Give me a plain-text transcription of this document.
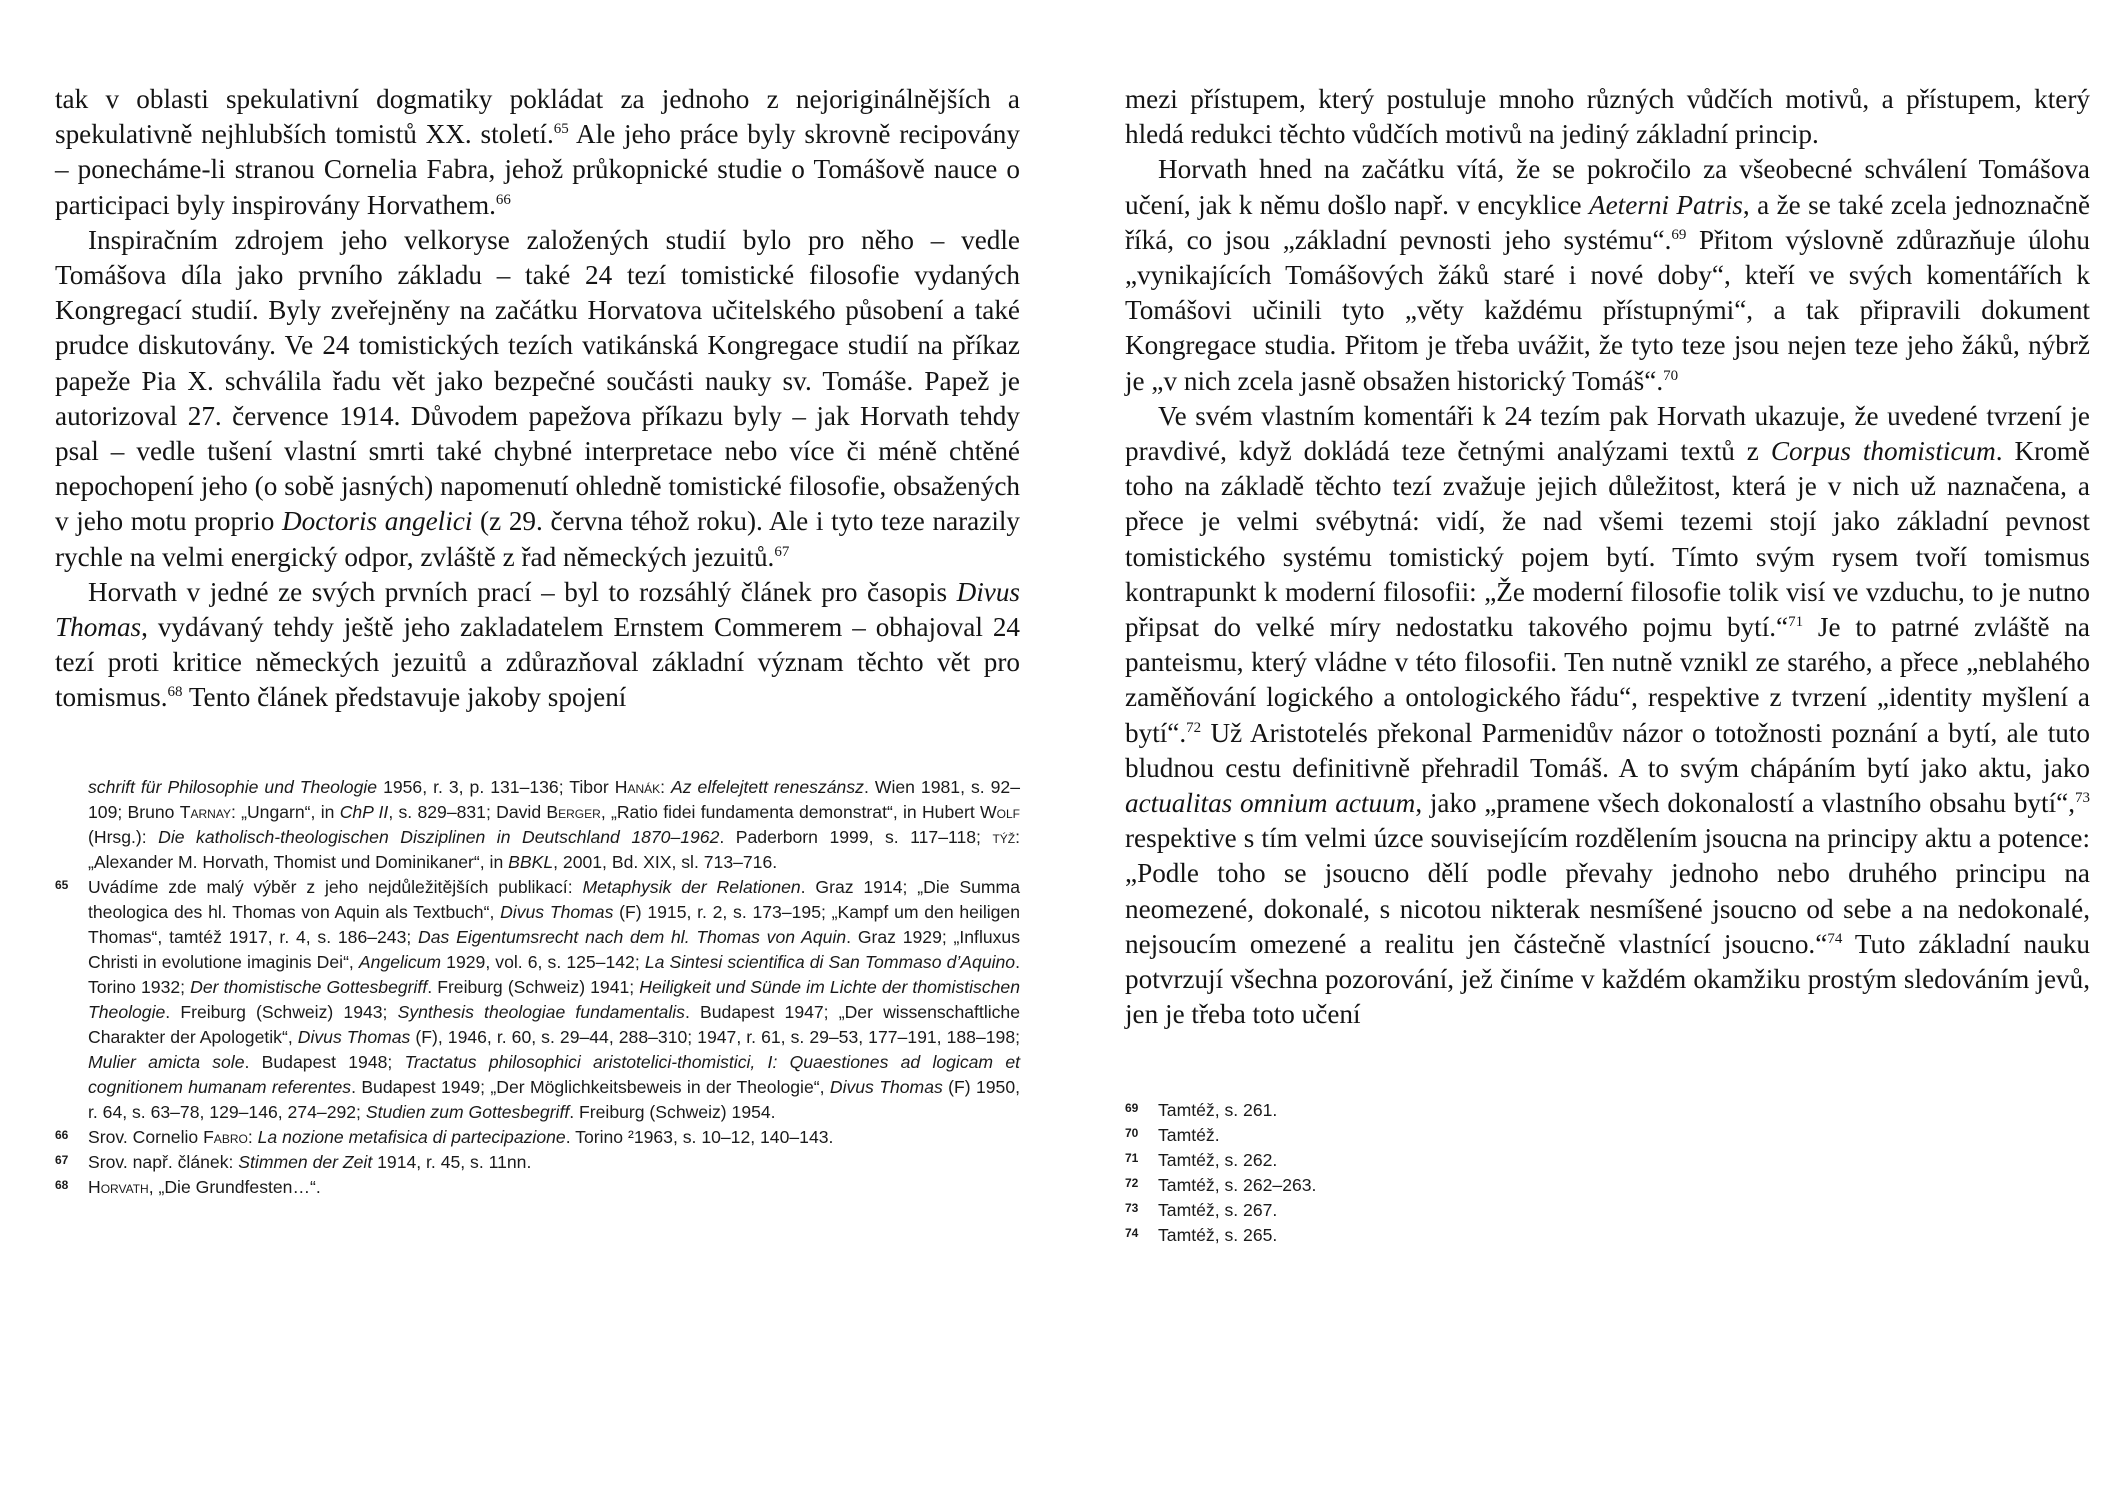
tak v oblasti spekulativní dogmatiky pokládat za jednoho z nejoriginálnějších a spekulativně nejhlubších tomistů XX. století.$^{65}$ Ale jeho práce byly skrovně recipovány – ponecháme-li stranou Cornelia Fabra, jehož průkopnické studie o Tomášově nauce o participaci byly inspirovány Horvathem.$^{66}$

Inspiračním zdrojem jeho velkoryse založených studií bylo pro něho – vedle Tomášova díla jako prvního základu – také 24 tezí tomistické filosofie vydaných Kongregací studií. Byly zveřejněny na začátku Horvatova učitelského působení a také prudce diskutovány. Ve 24 tomistických tezích vatikánská Kongregace studií na příkaz papeže Pia X. schválila řadu vět jako bezpečné součásti nauky sv. Tomáše. Papež je autorizoval 27. července 1914. Důvodem papežova příkazu byly – jak Horvath tehdy psal – vedle tušení vlastní smrti také chybné interpretace nebo více či méně chtěné nepochopení jeho (o sobě jasných) napomenutí ohledně tomistické filosofie, obsažených v jeho motu proprio Doctoris angelici (z 29. června téhož roku). Ale i tyto teze narazily rychle na velmi energický odpor, zvláště z řad německých jezuitů.$^{67}$

Horvath v jedné ze svých prvních prací – byl to rozsáhlý článek pro časopis Divus Thomas, vydávaný tehdy ještě jeho zakladatelem Ernstem Commerem – obhajoval 24 tezí proti kritice německých jezuitů a zdůrazňoval základní význam těchto vět pro tomismus.$^{68}$ Tento článek představuje jakoby spojení

schrift für Philosophie und Theologie 1956, r. 3, p. 131–136; Tibor Hanák: Az elfelejtett reneszánsz. Wien 1981, s. 92–109; Bruno Tarnay: „Ungarn“, in ChP II, s. 829–831; David Berger, „Ratio fidei fundamenta demonstrat“, in Hubert Wolf (Hrsg.): Die katholisch-theologischen Disziplinen in Deutschland 1870–1962. Paderborn 1999, s. 117–118; týž: „Alexander M. Horvath, Thomist und Dominikaner“, in BBKL, 2001, Bd. XIX, sl. 713–716.
65 Uvádíme zde malý výběr z jeho nejdůležitějších publikací: Metaphysik der Relationen. Graz 1914; „Die Summa theologica des hl. Thomas von Aquin als Textbuch“, Divus Thomas (F) 1915, r. 2, s. 173–195; „Kampf um den heiligen Thomas“, tamtéž 1917, r. 4, s. 186–243; Das Eigentumsrecht nach dem hl. Thomas von Aquin. Graz 1929; „Influxus Christi in evolutione imaginis Dei“, Angelicum 1929, vol. 6, s. 125–142; La Sintesi scientifica di San Tommaso d’Aquino. Torino 1932; Der thomistische Gottesbegriff. Freiburg (Schweiz) 1941; Heiligkeit und Sünde im Lichte der thomistischen Theologie. Freiburg (Schweiz) 1943; Synthesis theologiae fundamentalis. Budapest 1947; „Der wissenschaftliche Charakter der Apologetik“, Divus Thomas (F), 1946, r. 60, s. 29–44, 288–310; 1947, r. 61, s. 29–53, 177–191, 188–198; Mulier amicta sole. Budapest 1948; Tractatus philosophici aristotelici-thomistici, I: Quaestiones ad logicam et cognitionem humanam referentes. Budapest 1949; „Der Möglichkeitsbeweis in der Theologie“, Divus Thomas (F) 1950, r. 64, s. 63–78, 129–146, 274–292; Studien zum Gottesbegriff. Freiburg (Schweiz) 1954.
66 Srov. Cornelio Fabro: La nozione metafisica di partecipazione. Torino ²1963, s. 10–12, 140–143.
67 Srov. např. článek: Stimmen der Zeit 1914, r. 45, s. 11nn.
68 Horvath, „Die Grundfesten…“.

mezi přístupem, který postuluje mnoho různých vůdčích motivů, a přístupem, který hledá redukci těchto vůdčích motivů na jediný základní princip.

Horvath hned na začátku vítá, že se pokročilo za všeobecné schválení Tomášova učení, jak k němu došlo např. v encyklice Aeterni Patris, a že se také zcela jednoznačně říká, co jsou „základní pevnosti jeho systému“.$^{69}$ Přitom výslovně zdůrazňuje úlohu „vynikajících Tomášových žáků staré i nové doby“, kteří ve svých komentářích k Tomášovi učinili tyto „věty každému přístupnými“, a tak připravili dokument Kongregace studia. Přitom je třeba uvážit, že tyto teze jsou nejen teze jeho žáků, nýbrž je „v nich zcela jasně obsažen historický Tomáš“.$^{70}$

Ve svém vlastním komentáři k 24 tezím pak Horvath ukazuje, že uvedené tvrzení je pravdivé, když dokládá teze četnými analýzami textů z Corpus thomisticum. Kromě toho na základě těchto tezí zvažuje jejich důležitost, která je v nich už naznačena, a přece je velmi svébytná: vidí, že nad všemi tezemi stojí jako základní pevnost tomistického systému tomistický pojem bytí. Tímto svým rysem tvoří tomismus kontrapunkt k moderní filosofii: „Že moderní filosofie tolik visí ve vzduchu, to je nutno připsat do velké míry nedostatku takového pojmu bytí.“$^{71}$ Je to patrné zvláště na panteismu, který vládne v této filosofii. Ten nutně vznikl ze starého, a přece „neblahého zaměňování logického a ontologického řádu“, respektive z tvrzení „identity myšlení a bytí“.$^{72}$ Už Aristotelés překonal Parmenidův názor o totožnosti poznání a bytí, ale tuto bludnou cestu definitivně přehradil Tomáš. A to svým chápáním bytí jako aktu, jako actualitas omnium actuum, jako „pramene všech dokonalostí a vlastního obsahu bytí“,$^{73}$ respektive s tím velmi úzce souvisejícím rozdělením jsoucna na principy aktu a potence: „Podle toho se jsoucno dělí podle převahy jednoho nebo druhého principu na neomezené, dokonalé, s nicotou nikterak nesmíšené jsoucno od sebe a na nedokonalé, nejsoucím omezené a realitu jen částečně vlastnící jsoucno.“$^{74}$ Tuto základní nauku potvrzují všechna pozorování, jež činíme v každém okamžiku prostým sledováním jevů, jen je třeba toto učení

69 Tamtéž, s. 261.
70 Tamtéž.
71 Tamtéž, s. 262.
72 Tamtéž, s. 262–263.
73 Tamtéž, s. 267.
74 Tamtéž, s. 265.
